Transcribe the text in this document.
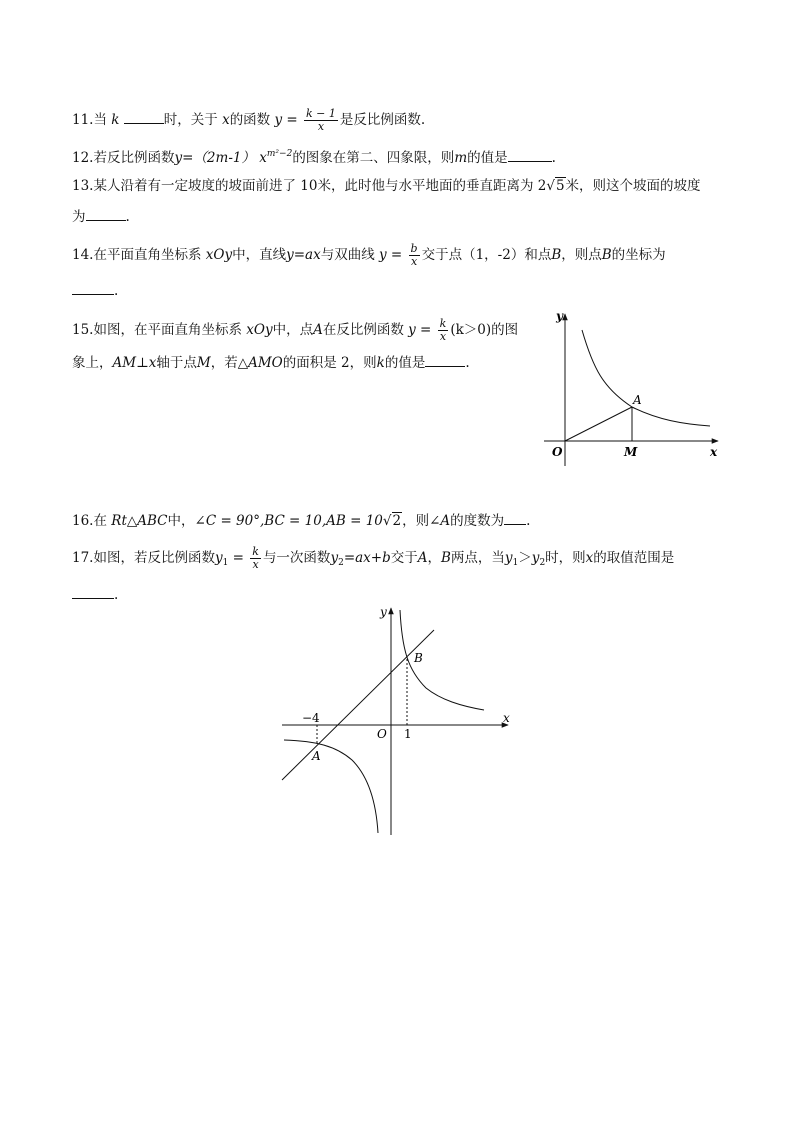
11.当 k	时，关于 x的函数 $y = \frac{k - 1}{x}$ 是反比例函数.
12.若反比例函数y=（2m-1） $x^{m^2-2}$的图象在第二、四象限，则m的值是	.
13.某人沿着有一定坡度的坡面前进了 10米，此时他与水平地面的垂直距离为 2√5米，则这个坡面的坡度
为	.
14.在平面直角坐标系 xOy中，直线y=ax与双曲线 $y = \frac{b}{x}$ 交于点（1，-2）和点B，则点B的坐标为
.
15.如图，在平面直角坐标系 xOy中，点A在反比例函数 $y = \frac{k}{x} (k>0)$的图
象上，AM⊥x轴于点M，若△AMO的面积是 2，则k的值是	.
y
x
O
A
M
16.在 Rt△ABC中，∠C = 90°,BC = 10,AB = 10√2，则∠A的度数为 .
17.如图，若反比例函数$y_1 = \frac{k}{x}$ 与一次函数$y_2=ax+b$交于A，B两点，当$y_1>y_2$时，则x的取值范围是
.
y
x
O
−4
1
A
B
